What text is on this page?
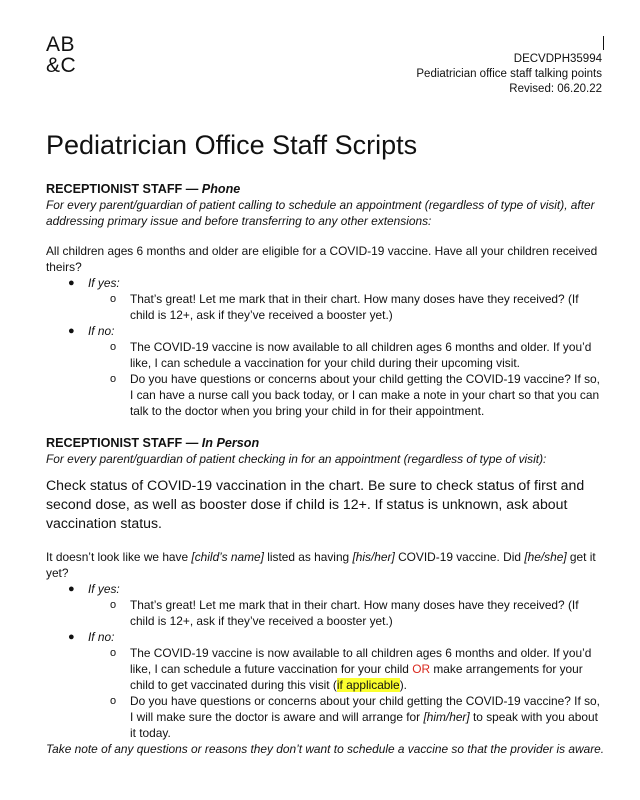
AB
&C	DECVDPH35994
Pediatrician office staff talking points
Revised: 06.20.22
Pediatrician Office Staff Scripts
RECEPTIONIST STAFF — Phone

For every parent/guardian of patient calling to schedule an appointment (regardless of type of visit), after addressing primary issue and before transferring to any other extensions:

All children ages 6 months and older are eligible for a COVID-19 vaccine. Have all your children received theirs?

● If yes:
o That’s great! Let me mark that in their chart. How many doses have they received? (If child is 12+, ask if they’ve received a booster yet.)
● If no:
o The COVID-19 vaccine is now available to all children ages 6 months and older. If you’d like, I can schedule a vaccination for your child during their upcoming visit.
o Do you have questions or concerns about your child getting the COVID-19 vaccine? If so, I can have a nurse call you back today, or I can make a note in your chart so that you can talk to the doctor when you bring your child in for their appointment.
RECEPTIONIST STAFF — In Person

For every parent/guardian of patient checking in for an appointment (regardless of type of visit):

Check status of COVID-19 vaccination in the chart. Be sure to check status of first and second dose, as well as booster dose if child is 12+. If status is unknown, ask about vaccination status.

It doesn’t look like we have [child’s name] listed as having [his/her] COVID-19 vaccine. Did [he/she] get it yet?

● If yes:
o That’s great! Let me mark that in their chart. How many doses have they received? (If child is 12+, ask if they’ve received a booster yet.)
● If no:
o The COVID-19 vaccine is now available to all children ages 6 months and older. If you’d like, I can schedule a future vaccination for your child OR make arrangements for your child to get vaccinated during this visit (if applicable).
o Do you have questions or concerns about your child getting the COVID-19 vaccine? If so, I will make sure the doctor is aware and will arrange for [him/her] to speak with you about it today.

Take note of any questions or reasons they don’t want to schedule a vaccine so that the provider is aware.
